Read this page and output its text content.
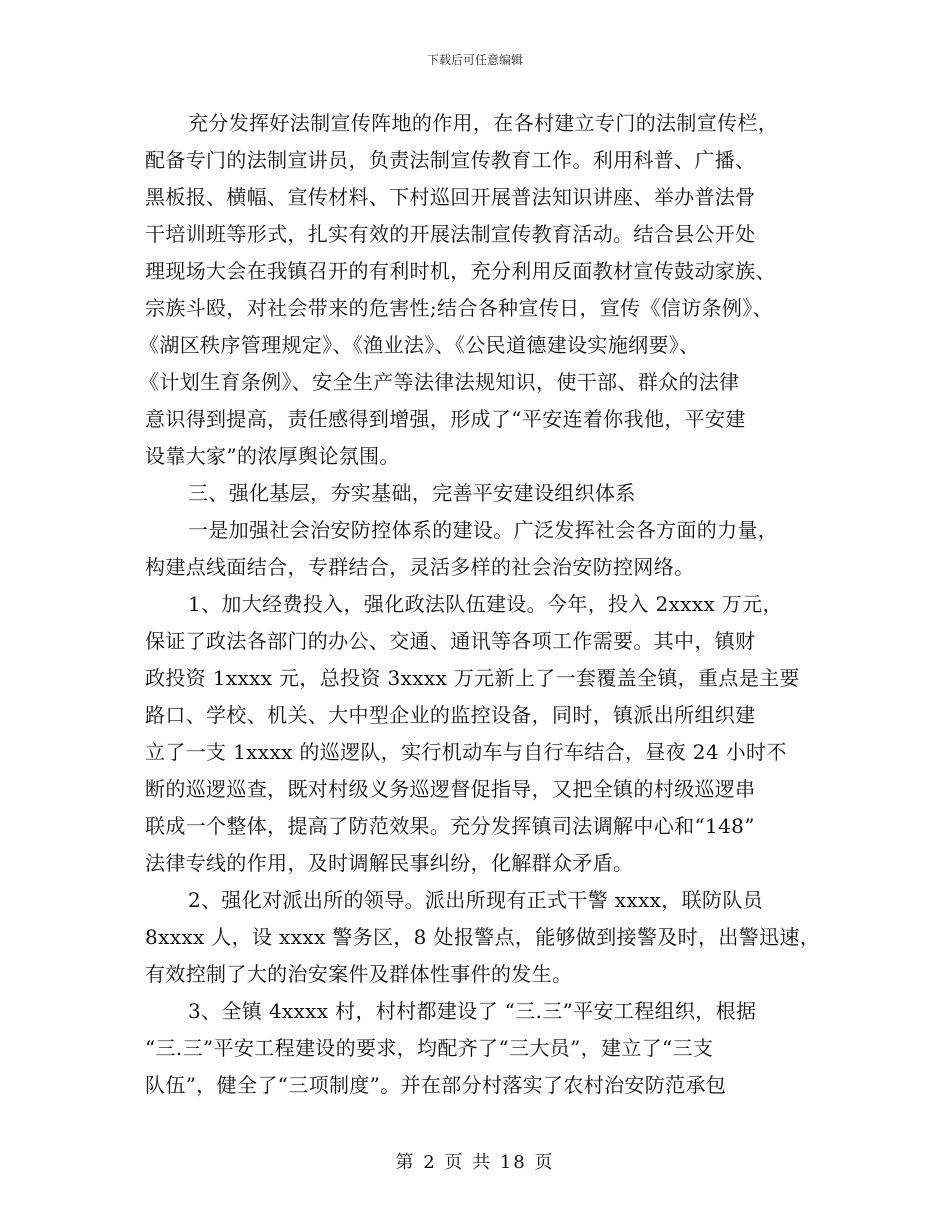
下载后可任意编辑
充分发挥好法制宣传阵地的作用，在各村建立专门的法制宣传栏，
配备专门的法制宣讲员，负责法制宣传教育工作。利用科普、广播、
黑板报、横幅、宣传材料、下村巡回开展普法知识讲座、举办普法骨
干培训班等形式，扎实有效的开展法制宣传教育活动。结合县公开处
理现场大会在我镇召开的有利时机，充分利用反面教材宣传鼓动家族、
宗族斗殴，对社会带来的危害性;结合各种宣传日，宣传《信访条例》、
《湖区秩序管理规定》、《渔业法》、《公民道德建设实施纲要》、
《计划生育条例》、安全生产等法律法规知识，使干部、群众的法律
意识得到提高，责任感得到增强，形成了“平安连着你我他，平安建
设靠大家”的浓厚舆论氛围。
三、强化基层，夯实基础，完善平安建设组织体系
一是加强社会治安防控体系的建设。广泛发挥社会各方面的力量，
构建点线面结合，专群结合，灵活多样的社会治安防控网络。
1、加大经费投入，强化政法队伍建设。今年，投入 2xxxx 万元，
保证了政法各部门的办公、交通、通讯等各项工作需要。其中，镇财
政投资 1xxxx 元，总投资 3xxxx 万元新上了一套覆盖全镇，重点是主要
路口、学校、机关、大中型企业的监控设备，同时，镇派出所组织建
立了一支 1xxxx 的巡逻队，实行机动车与自行车结合，昼夜 24 小时不
断的巡逻巡查，既对村级义务巡逻督促指导，又把全镇的村级巡逻串
联成一个整体，提高了防范效果。充分发挥镇司法调解中心和“148”
法律专线的作用，及时调解民事纠纷，化解群众矛盾。
2、强化对派出所的领导。派出所现有正式干警 xxxx，联防队员
8xxxx 人，设 xxxx 警务区，8 处报警点，能够做到接警及时，出警迅速，
有效控制了大的治安案件及群体性事件的发生。
3、全镇 4xxxx 村，村村都建设了 “三.三”平安工程组织，根据
“三.三”平安工程建设的要求，均配齐了“三大员”，建立了“三支
队伍”，健全了“三项制度”。并在部分村落实了农村治安防范承包
第 2 页 共 18 页
